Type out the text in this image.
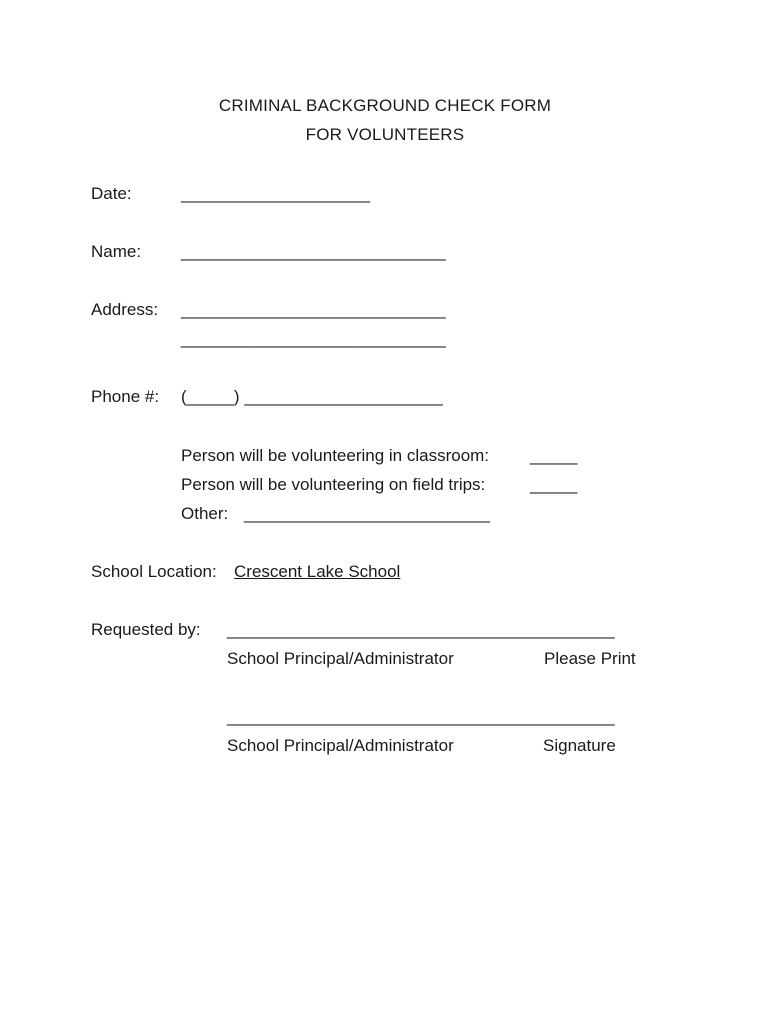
CRIMINAL BACKGROUND CHECK FORM
FOR VOLUNTEERS
Date:	____________________
Name: ____________________________
Address: ____________________________
____________________________
Phone #: (_____) _____________________
Person will be volunteering in classroom: _____
Person will be volunteering on field trips:	_____
Other: __________________________
School Location: Crescent Lake School
Requested by: _________________________________________
School Principal/Administrator	Please Print
_________________________________________
School Principal/Administrator	Signature
